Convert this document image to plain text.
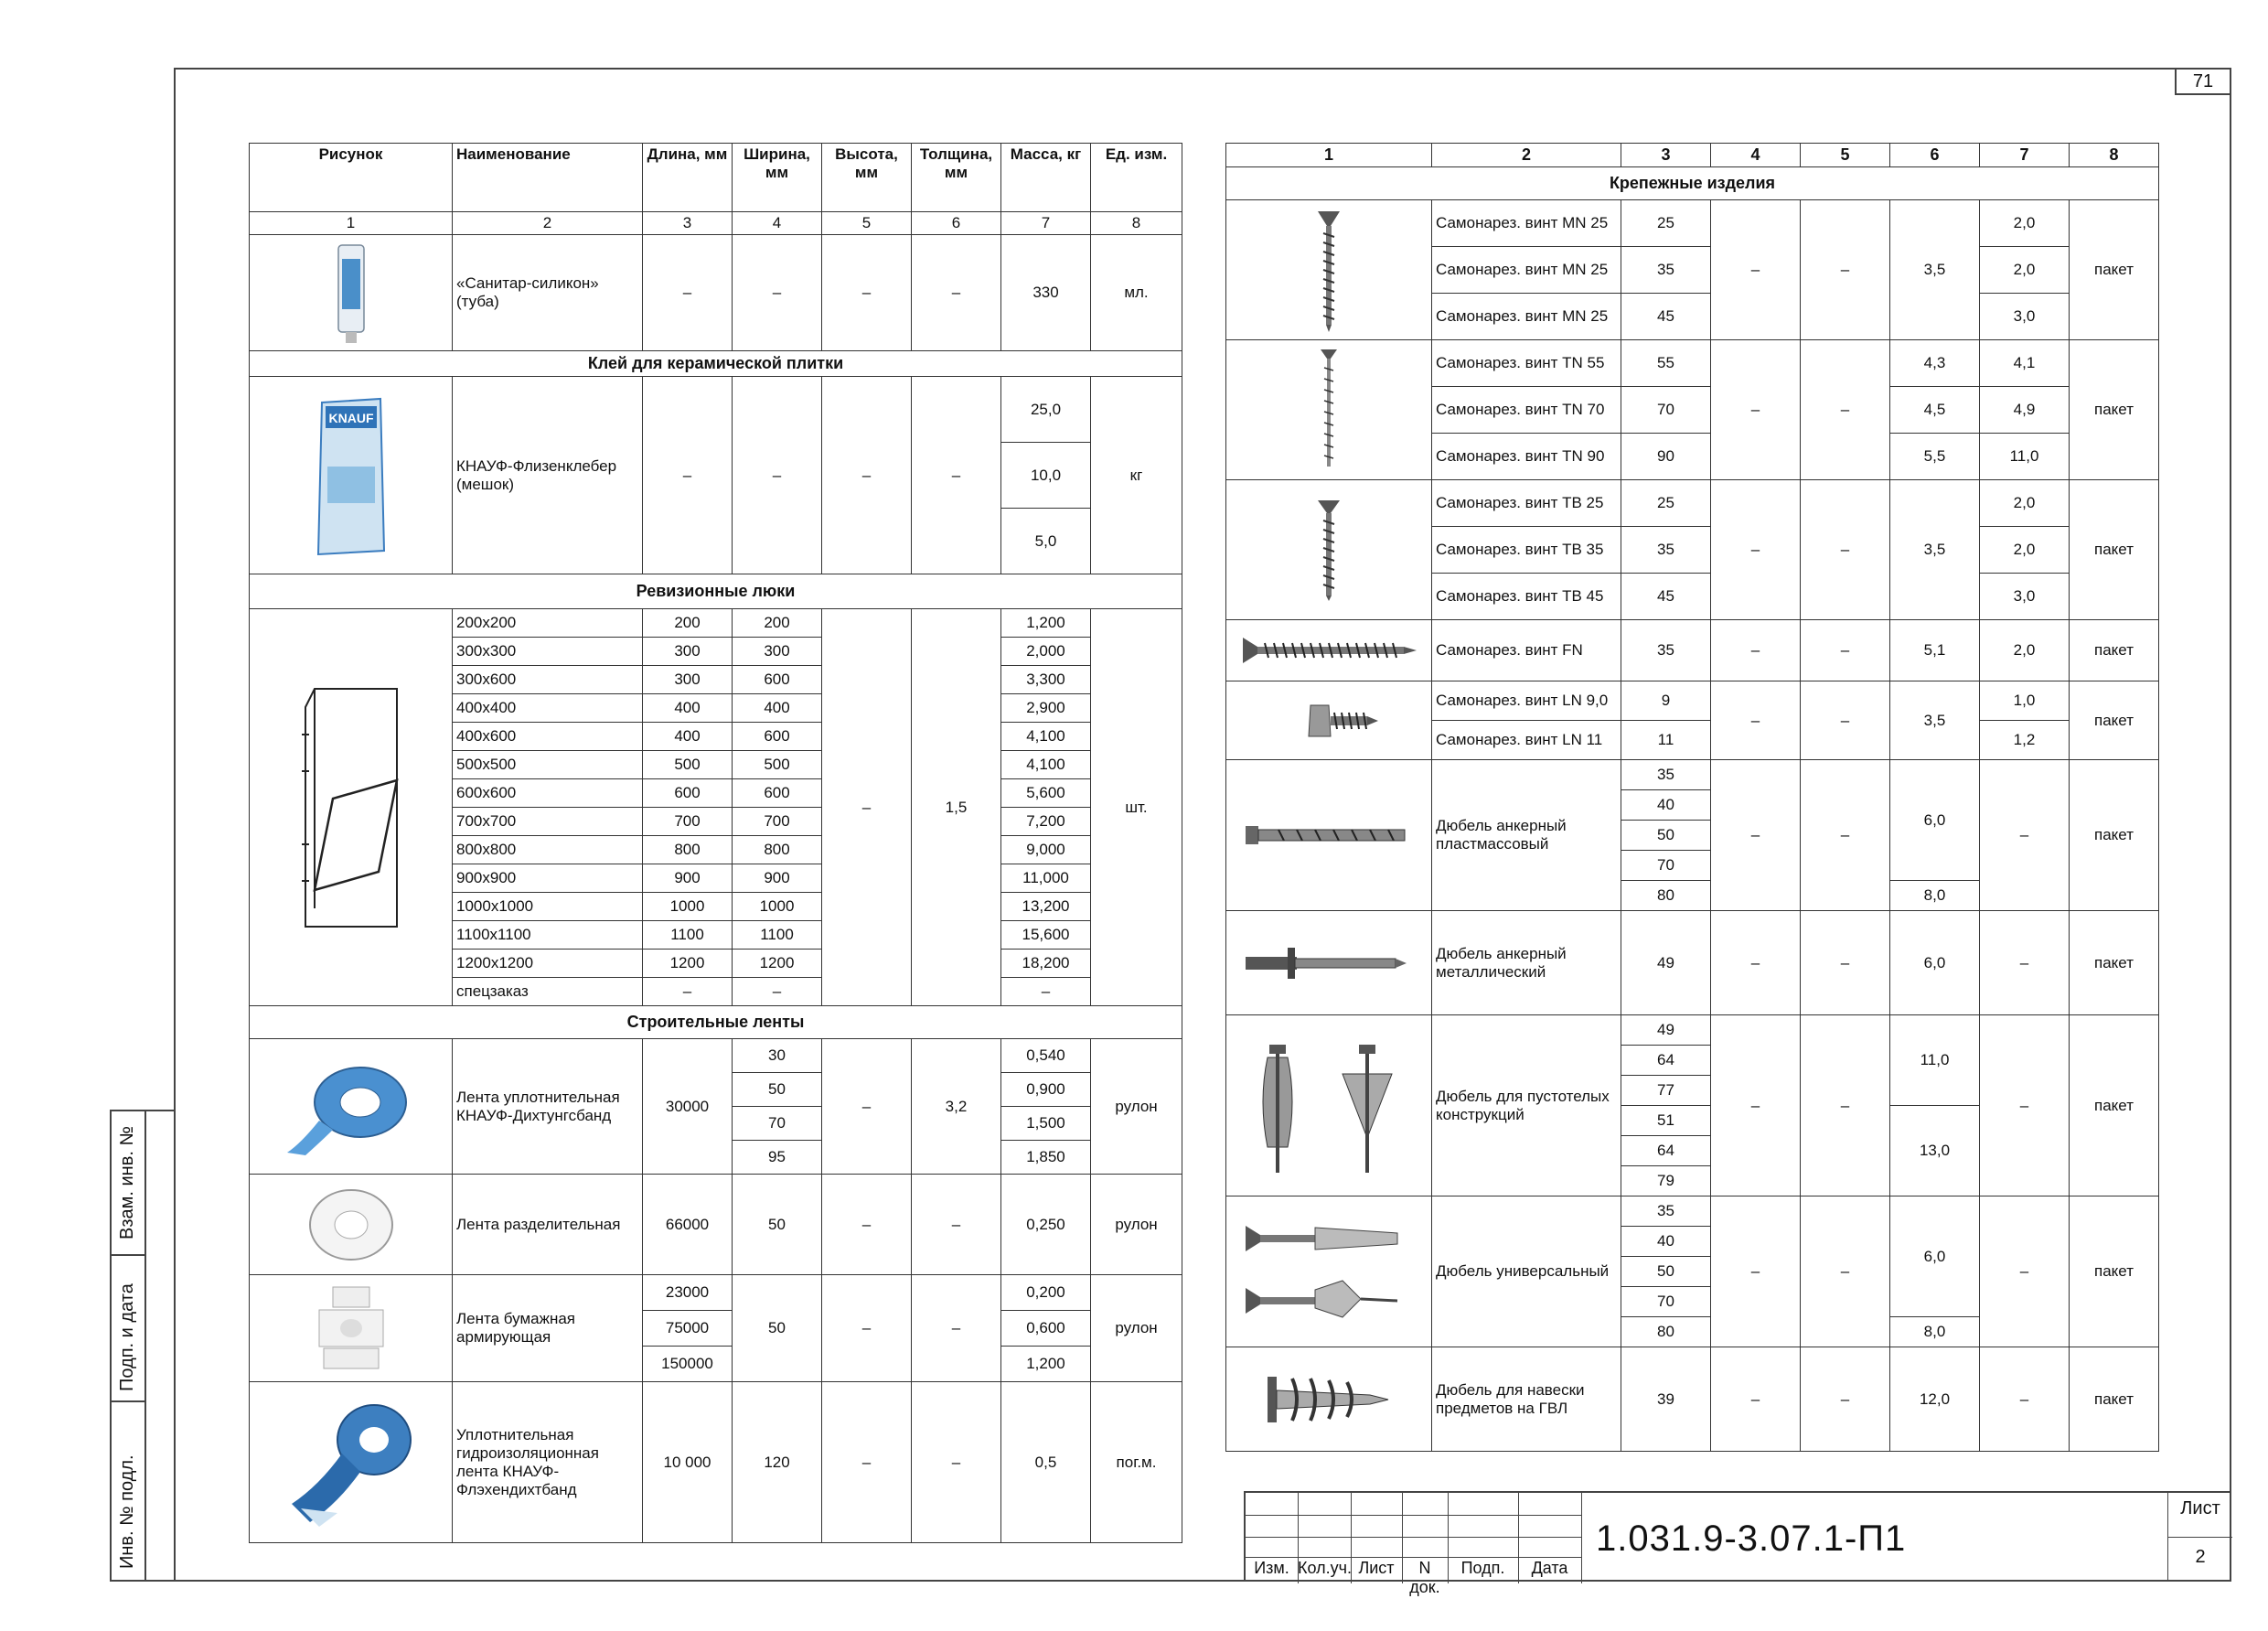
71
Взам. инв. №
Подп. и дата
Инв. № подл.
Рисунок	Наименование	Длина, мм	Ширина, мм	Высота, мм	Толщина, мм	Масса, кг	Ед. изм.
1	2	3	4	5	6	7	8

	«Санитар-силикон» (туба)	–	–	–	–	330	мл.
Клей для керамической плитки							

KNAUF	КНАУФ-Флизенклебер (мешок)	–	–	–	–	25,0	кг
						10,0	
						5,0	
Ревизионные люки							

	200х200	200	200	–	1,5	1,200	шт.
	300х300	300	300			2,000	
	300х600	300	600			3,300	
	400х400	400	400			2,900	
	400х600	400	600			4,100	
	500х500	500	500			4,100	
	600х600	600	600			5,600	
	700х700	700	700			7,200	
	800х800	800	800			9,000	
	900х900	900	900			11,000	
	1000х1000	1000	1000			13,200	
	1100х1100	1100	1100			15,600	
	1200х1200	1200	1200			18,200	
	спецзаказ	–	–			–	
Строительные ленты							

	Лента уплотнительная КНАУФ-Дихтунгсбанд	30000	30	–	3,2	0,540	рулон
			50			0,900	
			70			1,500	
			95			1,850	

	Лента разделительная	66000	50	–	–	0,250	рулон

	Лента бумажная армирующая	23000	50	–	–	0,200	рулон
		75000				0,600	
		150000				1,200	

	Уплотнительная гидроизоляционная лента КНАУФ-Флэхендихтбанд	10 000	120	–	–	0,5	пог.м.
1	2	3	4	5	6	7	8
Крепежные изделия							

	Самонарез. винт MN 25	25	–	–	3,5	2,0	пакет
	Самонарез. винт MN 25	35				2,0	
	Самонарез. винт MN 25	45				3,0	

	Самонарез. винт TN 55	55	–	–	4,3	4,1	пакет
	Самонарез. винт TN 70	70			4,5	4,9	
	Самонарез. винт TN 90	90			5,5	11,0	

	Самонарез. винт TB 25	25	–	–	3,5	2,0	пакет
	Самонарез. винт TB 35	35				2,0	
	Самонарез. винт TB 45	45				3,0	

	Самонарез. винт FN	35	–	–	5,1	2,0	пакет

	Самонарез. винт LN 9,0	9	–	–	3,5	1,0	пакет
	Самонарез. винт LN 11	11				1,2	

	Дюбель анкерный пластмассовый	35	–	–	6,0	–	пакет
		40					
		50					
		70					
		80			8,0		

	Дюбель анкерный металлический	49	–	–	6,0	–	пакет

	Дюбель для пустотелых конструкций	49	–	–	11,0	–	пакет
		64					
		77					
		51			13,0		
		64					
		79					

	Дюбель универсальный	35	–	–	6,0	–	пакет
		40					
		50					
		70					
		80			8,0		

	Дюбель для навески предметов на ГВЛ	39	–	–	12,0	–	пакет
Изм. Кол.уч. Лист	N док.
Подп.	Дата
1.031.9-3.07.1-П1
Лист
2
